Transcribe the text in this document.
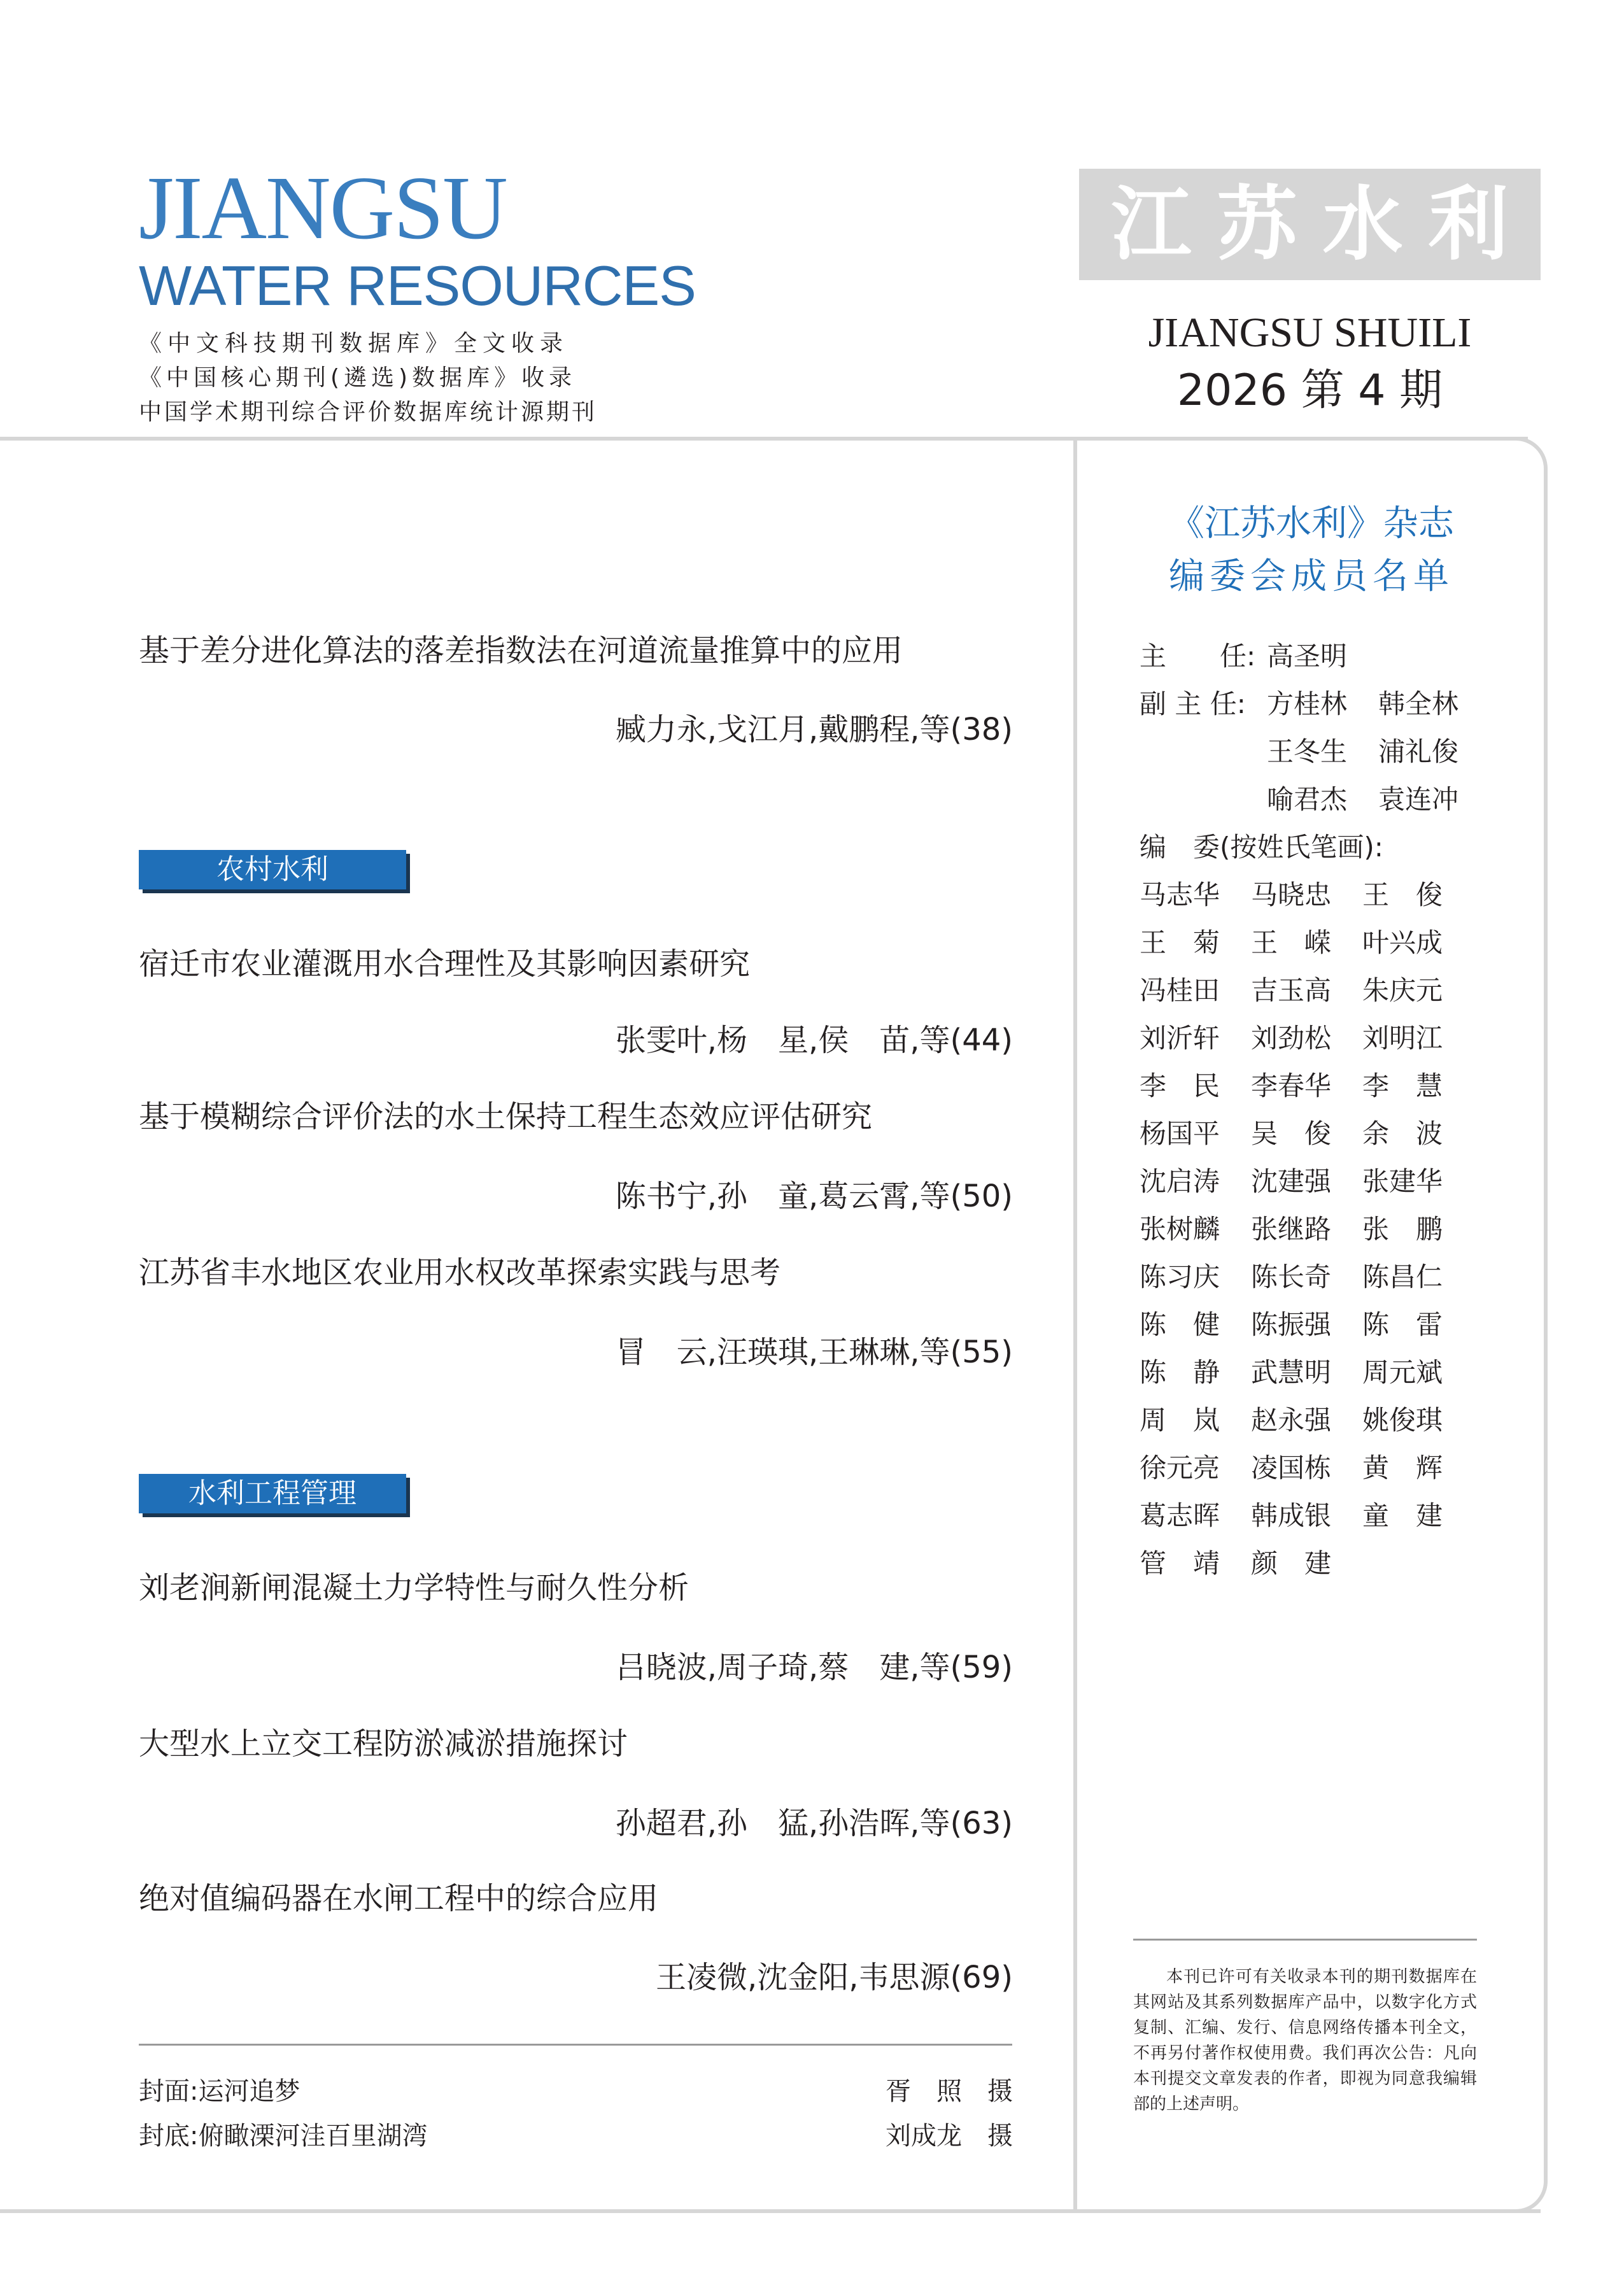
JIANGSU
WATER RESOURCES
《中文科技期刊数据库》全文收录
《中国核心期刊(遴选)数据库》收录
中国学术期刊综合评价数据库统计源期刊
江苏水利
JIANGSU SHUILI
2026 第 4 期
基于差分进化算法的落差指数法在河道流量推算中的应用
臧力永,戈江月,戴鹏程,等(38)
农村水利
宿迁市农业灌溉用水合理性及其影响因素研究
张雯叶,杨　星,侯　苗,等(44)
基于模糊综合评价法的水土保持工程生态效应评估研究
陈书宁,孙　童,葛云霄,等(50)
江苏省丰水地区农业用水权改革探索实践与思考
冒　云,汪瑛琪,王琳琳,等(55)
水利工程管理
刘老涧新闸混凝土力学特性与耐久性分析
吕晓波,周子琦,蔡　建,等(59)
大型水上立交工程防淤减淤措施探讨
孙超君,孙　猛,孙浩晖,等(63)
绝对值编码器在水闸工程中的综合应用
王凌微,沈金阳,韦思源(69)
封面:运河追梦	胥　照　摄
封底:俯瞰溧河洼百里湖湾	刘成龙　摄
《江苏水利》杂志
编委会成员名单
主　　任: 高圣明
副 主 任: 方桂林 韩全林
王冬生 浦礼俊
喻君杰 袁连冲
编　委(按姓氏笔画):
马志华 马晓忠 王　俊
王　菊 王　嵘 叶兴成
冯桂田 吉玉高 朱庆元
刘沂轩 刘劲松 刘明江
李　民 李春华 李　慧
杨国平 吴　俊 余　波
沈启涛 沈建强 张建华
张树麟 张继路 张　鹏
陈习庆 陈长奇 陈昌仁
陈　健 陈振强 陈　雷
陈　静 武慧明 周元斌
周　岚 赵永强 姚俊琪
徐元亮 凌国栋 黄　辉
葛志晖 韩成银 童　建
管　靖 颜　建
本刊已许可有关收录本刊的期刊数据库在其网站及其系列数据库产品中，以数字化方式复制、汇编、发行、信息网络传播本刊全文，不再另付著作权使用费。我们再次公告：凡向本刊提交文章发表的作者，即视为同意我编辑部的上述声明。
